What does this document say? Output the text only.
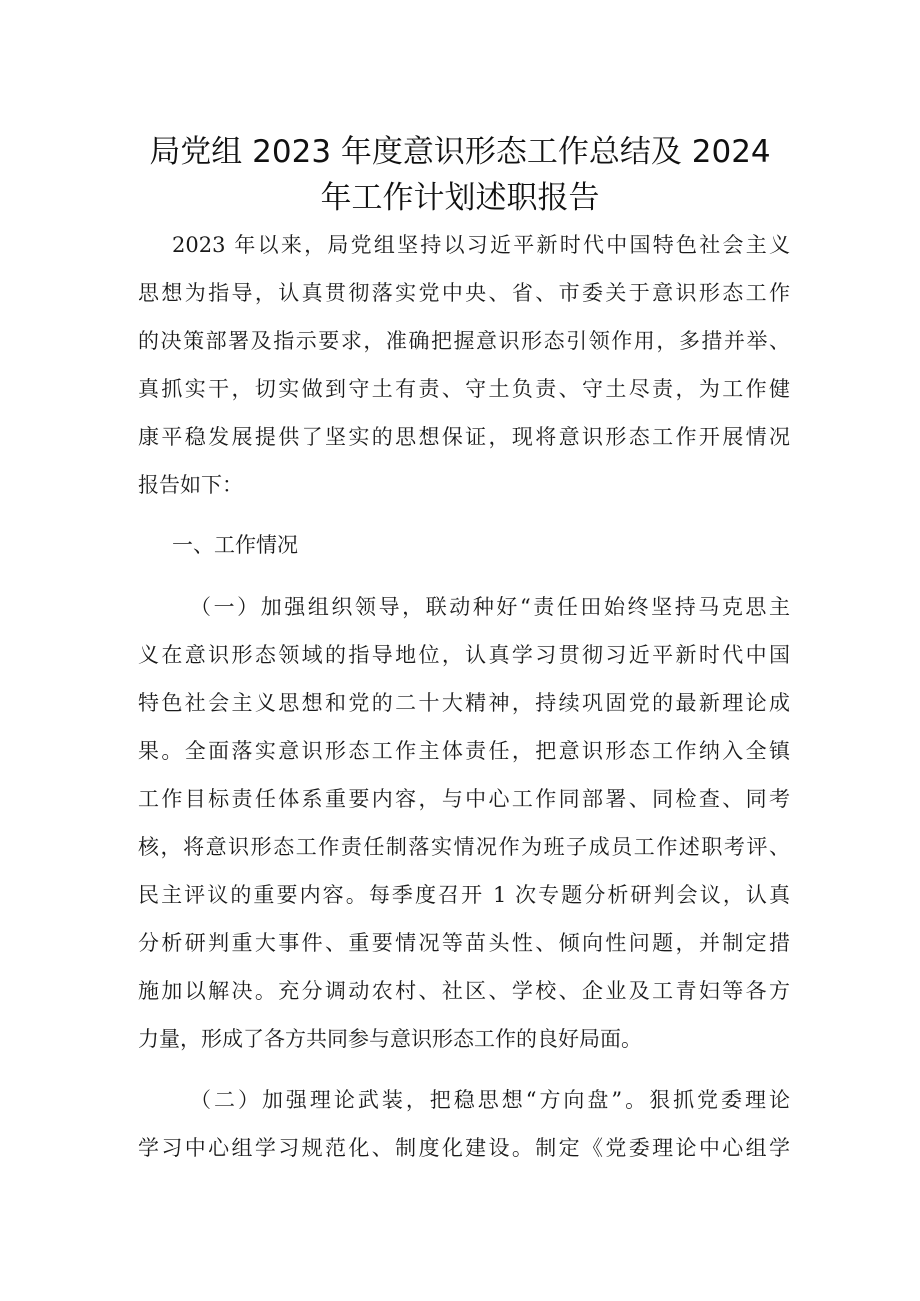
局党组 2023 年度意识形态工作总结及 2024
年工作计划述职报告
2023 年以来，局党组坚持以习近平新时代中国特色社会主义
思想为指导，认真贯彻落实党中央、省、市委关于意识形态工作
的决策部署及指示要求，准确把握意识形态引领作用，多措并举、
真抓实干，切实做到守土有责、守土负责、守土尽责，为工作健
康平稳发展提供了坚实的思想保证，现将意识形态工作开展情况
报告如下：
一、工作情况
（一）加强组织领导，联动种好“责任田始终坚持马克思主
义在意识形态领域的指导地位，认真学习贯彻习近平新时代中国
特色社会主义思想和党的二十大精神，持续巩固党的最新理论成
果。全面落实意识形态工作主体责任，把意识形态工作纳入全镇
工作目标责任体系重要内容，与中心工作同部署、同检查、同考
核，将意识形态工作责任制落实情况作为班子成员工作述职考评、
民主评议的重要内容。每季度召开 1 次专题分析研判会议，认真
分析研判重大事件、重要情况等苗头性、倾向性问题，并制定措
施加以解决。充分调动农村、社区、学校、企业及工青妇等各方
力量，形成了各方共同参与意识形态工作的良好局面。
（二）加强理论武装，把稳思想“方向盘”。狠抓党委理论
学习中心组学习规范化、制度化建设。制定《党委理论中心组学
